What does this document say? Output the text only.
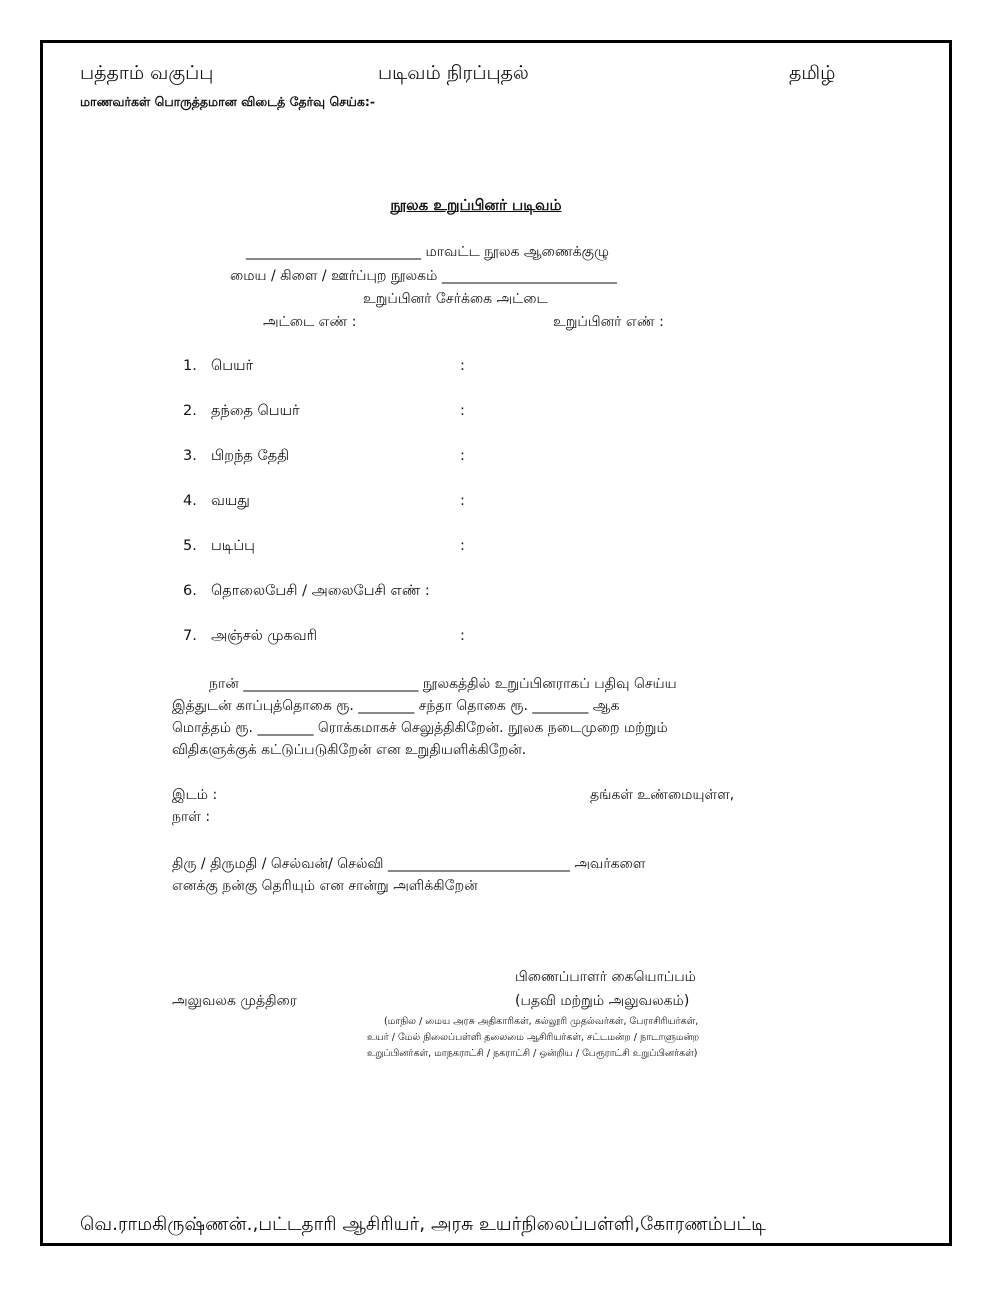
பத்தாம் வகுப்பு	படிவம் நிரப்புதல்	தமிழ்
மாணவர்கள் பொருத்தமான விடைத் தேர்வு செய்க:-
நூலக உறுப்பினர் படிவம்
_________________________ மாவட்ட நூலக ஆணைக்குழு
மைய / கிளை / ஊர்ப்புற நூலகம் _________________________
உறுப்பினர் சேர்க்கை அட்டை
அட்டை எண் :	உறுப்பினர் எண் :
1. பெயர்	:
2. தந்தை பெயர்	:
3. பிறந்த தேதி	:
4. வயது	:
5. படிப்பு	:
6. தொலைபேசி / அலைபேசி எண் :
7. அஞ்சல் முகவரி	:
நான் _________________________ நூலகத்தில் உறுப்பினராகப் பதிவு செய்ய
இத்துடன் காப்புத்தொகை ரூ. ________ சந்தா தொகை ரூ. ________ ஆக
மொத்தம் ரூ. ________ ரொக்கமாகச் செலுத்திகிறேன். நூலக நடைமுறை மற்றும்
விதிகளுக்குக் கட்டுப்படுகிறேன் என உறுதியளிக்கிறேன்.
இடம் :	தங்கள் உண்மையுள்ள,
நாள் :
திரு / திருமதி / செல்வன்/ செல்வி __________________________ அவர்களை
எனக்கு நன்கு தெரியும் என சான்று அளிக்கிறேன்
பிணைப்பாளர் கையொப்பம்
அலுவலக முத்திரை	(பதவி மற்றும் அலுவலகம்)
(மாநில / மைய அரசு அதிகாரிகள், கல்லூரி முதல்வர்கள், பேராசிரியர்கள்,
உயர் / மேல் நிலைப்பள்ளி தலைமை ஆசிரியர்கள், சட்டமன்ற / நாடாளுமன்ற
உறுப்பினர்கள், மாநகராட்சி / நகராட்சி / ஒன்றிய / பேரூராட்சி உறுப்பினர்கள்)
வெ.ராமகிருஷ்ணன்.,பட்டதாரி ஆசிரியர், அரசு உயர்நிலைப்பள்ளி,கோரணம்பட்டி
